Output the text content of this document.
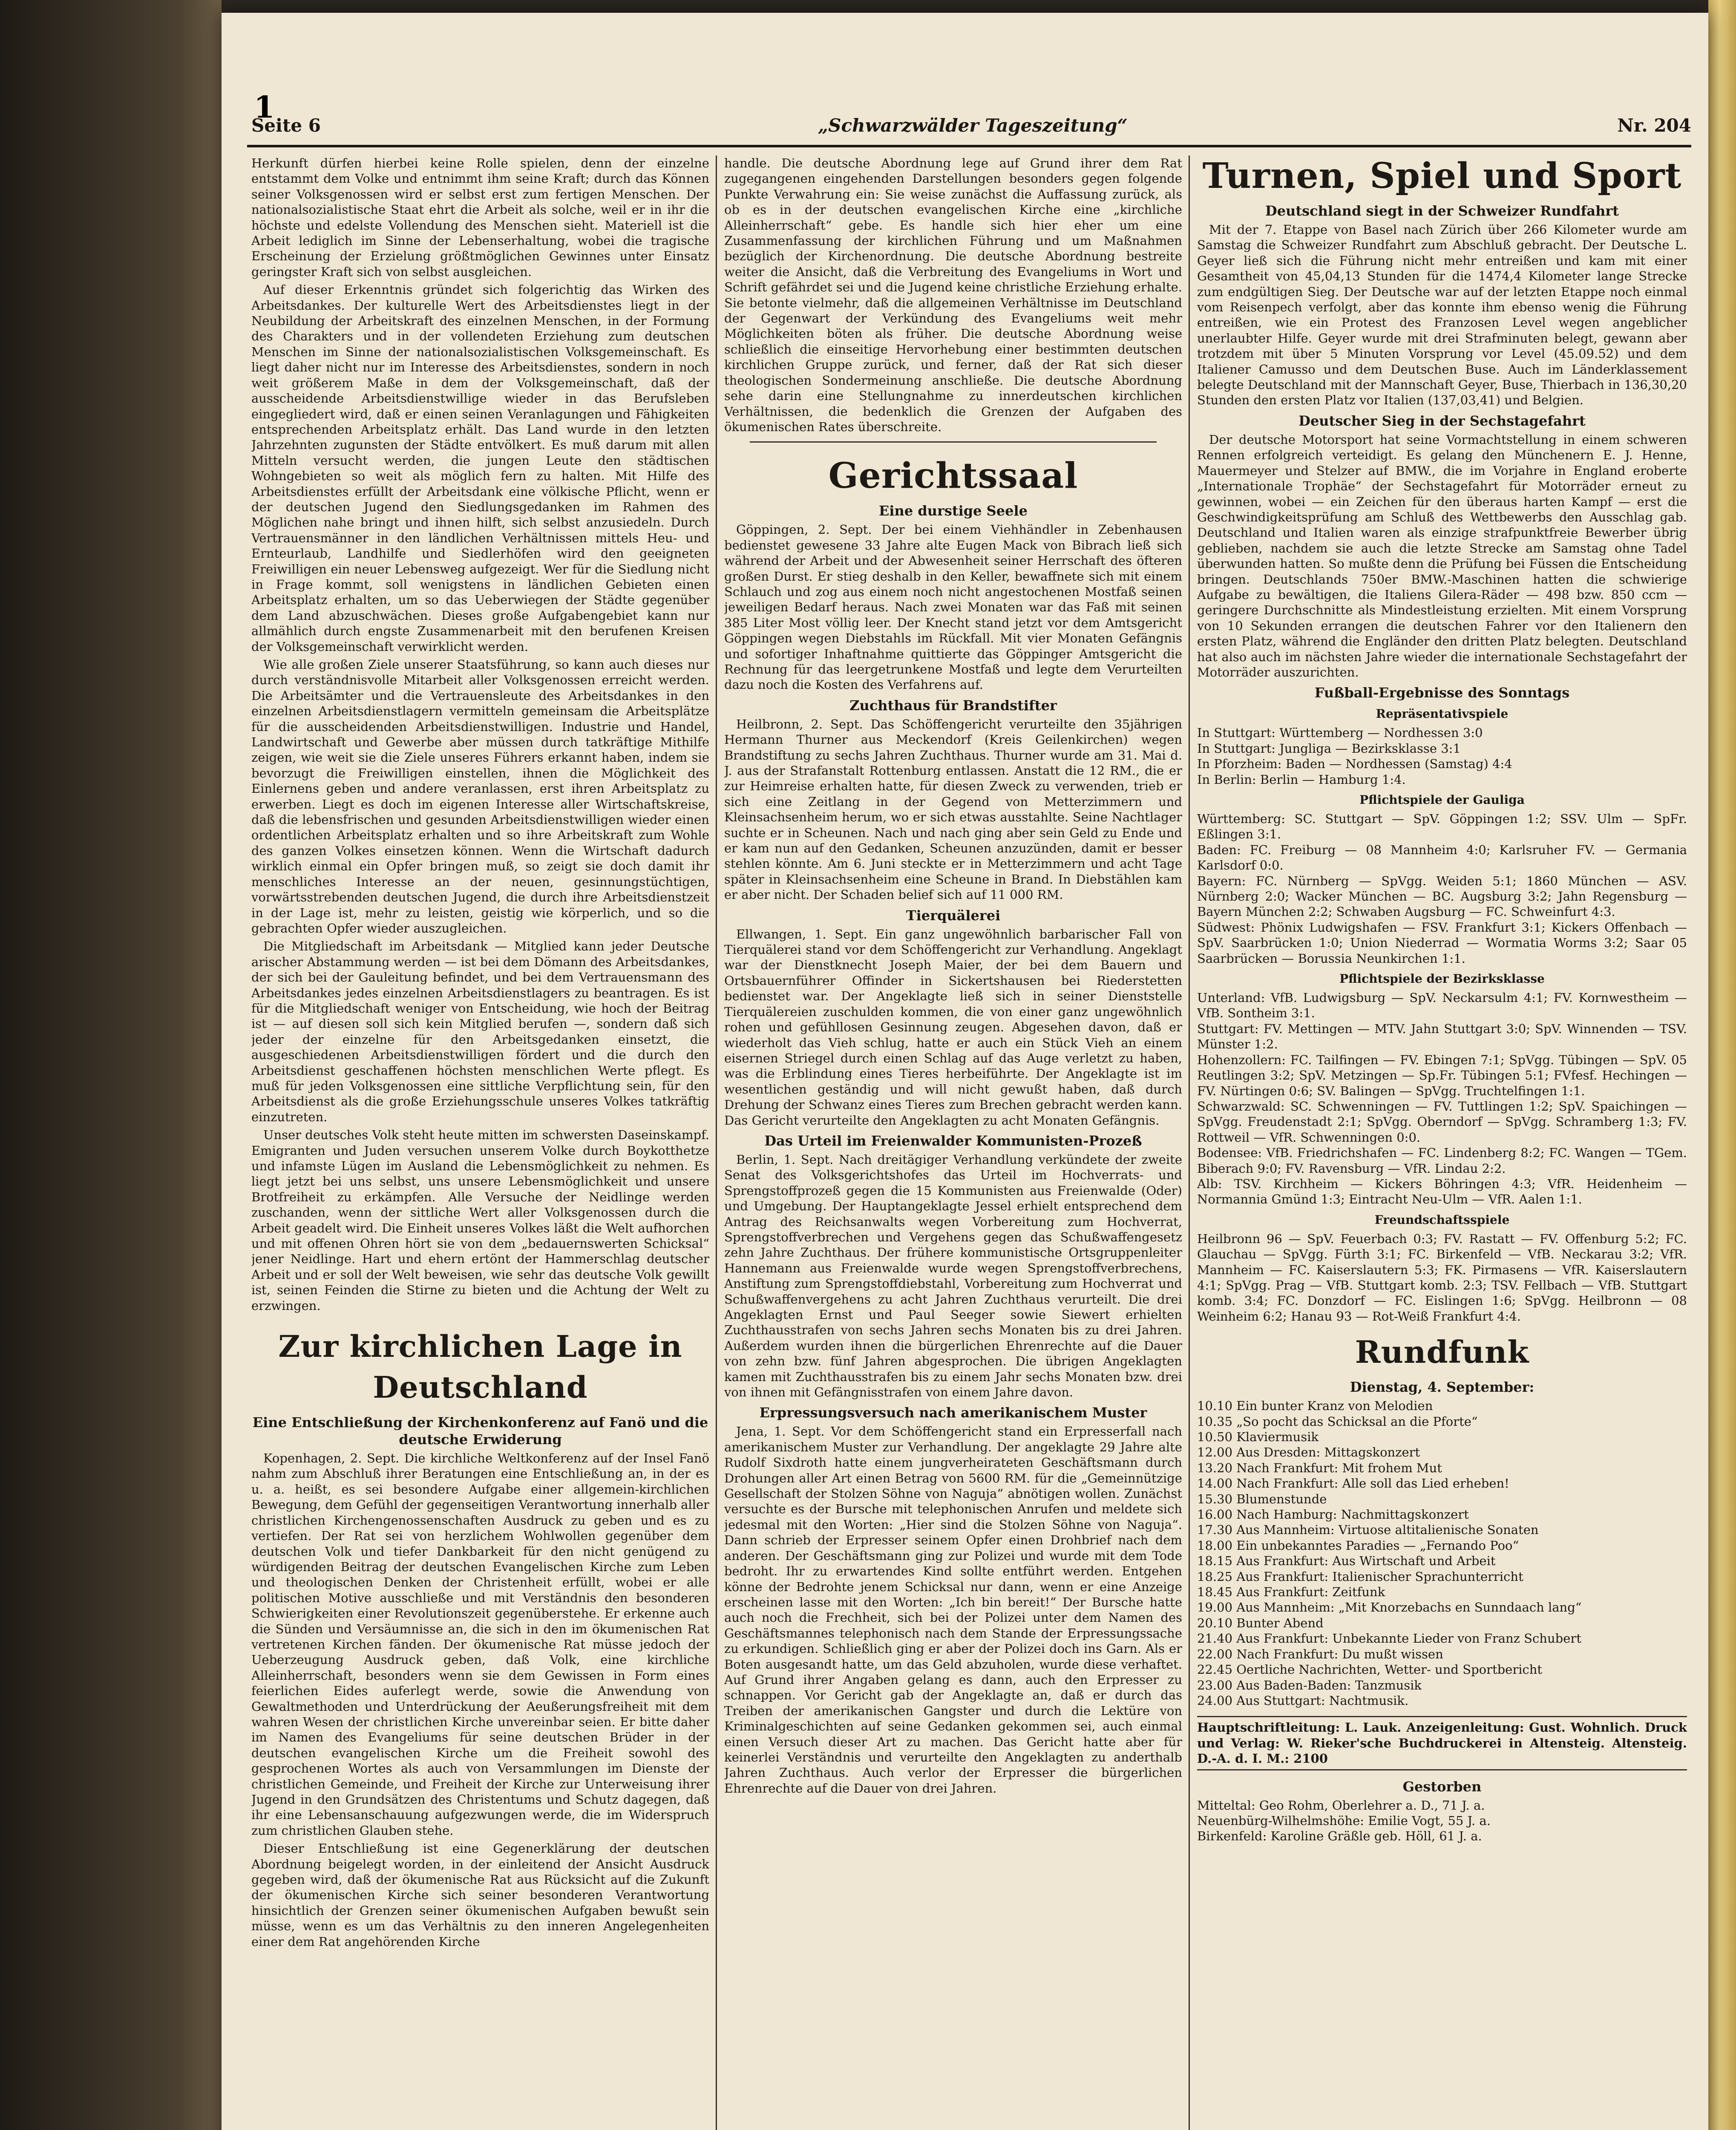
1
Seite 6	„Schwarzwälder Tageszeitung“	Nr. 204

Herkunft dürfen hierbei keine Rolle spielen, denn der einzelne entstammt dem Volke und entnimmt ihm seine Kraft; durch das Können seiner Volksgenossen wird er selbst erst zum fertigen Menschen. Der nationalsozialistische Staat ehrt die Arbeit als solche, weil er in ihr die höchste und edelste Vollendung des Menschen sieht. Materiell ist die Arbeit lediglich im Sinne der Lebenserhaltung, wobei die tragische Erscheinung der Erzielung größtmöglichen Gewinnes unter Einsatz geringster Kraft sich von selbst ausgleichen.

Auf dieser Erkenntnis gründet sich folgerichtig das Wirken des Arbeitsdankes. Der kulturelle Wert des Arbeitsdienstes liegt in der Neubildung der Arbeitskraft des einzelnen Menschen, in der Formung des Charakters und in der vollendeten Erziehung zum deutschen Menschen im Sinne der nationalsozialistischen Volksgemeinschaft. Es liegt daher nicht nur im Interesse des Arbeitsdienstes, sondern in noch weit größerem Maße in dem der Volksgemeinschaft, daß der ausscheidende Arbeitsdienstwillige wieder in das Berufsleben eingegliedert wird, daß er einen seinen Veranlagungen und Fähigkeiten entsprechenden Arbeitsplatz erhält. Das Land wurde in den letzten Jahrzehnten zugunsten der Städte entvölkert. Es muß darum mit allen Mitteln versucht werden, die jungen Leute den städtischen Wohngebieten so weit als möglich fern zu halten. Mit Hilfe des Arbeitsdienstes erfüllt der Arbeitsdank eine völkische Pflicht, wenn er der deutschen Jugend den Siedlungsgedanken im Rahmen des Möglichen nahe bringt und ihnen hilft, sich selbst anzusiedeln. Durch Vertrauensmänner in den ländlichen Verhältnissen mittels Heu- und Ernteurlaub, Landhilfe und Siedlerhöfen wird den geeigneten Freiwilligen ein neuer Lebensweg aufgezeigt. Wer für die Siedlung nicht in Frage kommt, soll wenigstens in ländlichen Gebieten einen Arbeitsplatz erhalten, um so das Ueberwiegen der Städte gegenüber dem Land abzuschwächen. Dieses große Aufgabengebiet kann nur allmählich durch engste Zusammenarbeit mit den berufenen Kreisen der Volksgemeinschaft verwirklicht werden.

Wie alle großen Ziele unserer Staatsführung, so kann auch dieses nur durch verständnisvolle Mitarbeit aller Volksgenossen erreicht werden. Die Arbeitsämter und die Vertrauensleute des Arbeitsdankes in den einzelnen Arbeitsdienstlagern vermitteln gemeinsam die Arbeitsplätze für die ausscheidenden Arbeitsdienstwilligen. Industrie und Handel, Landwirtschaft und Gewerbe aber müssen durch tatkräftige Mithilfe zeigen, wie weit sie die Ziele unseres Führers erkannt haben, indem sie bevorzugt die Freiwilligen einstellen, ihnen die Möglichkeit des Einlernens geben und andere veranlassen, erst ihren Arbeitsplatz zu erwerben. Liegt es doch im eigenen Interesse aller Wirtschaftskreise, daß die lebensfrischen und gesunden Arbeitsdienstwilligen wieder einen ordentlichen Arbeitsplatz erhalten und so ihre Arbeitskraft zum Wohle des ganzen Volkes einsetzen können. Wenn die Wirtschaft dadurch wirklich einmal ein Opfer bringen muß, so zeigt sie doch damit ihr menschliches Interesse an der neuen, gesinnungstüchtigen, vorwärtsstrebenden deutschen Jugend, die durch ihre Arbeitsdienstzeit in der Lage ist, mehr zu leisten, geistig wie körperlich, und so die gebrachten Opfer wieder auszugleichen.

Die Mitgliedschaft im Arbeitsdank — Mitglied kann jeder Deutsche arischer Abstammung werden — ist bei dem Dömann des Arbeitsdankes, der sich bei der Gauleitung befindet, und bei dem Vertrauensmann des Arbeitsdankes jedes einzelnen Arbeitsdienstlagers zu beantragen. Es ist für die Mitgliedschaft weniger von Entscheidung, wie hoch der Beitrag ist — auf diesen soll sich kein Mitglied berufen —, sondern daß sich jeder der einzelne für den Arbeitsgedanken einsetzt, die ausgeschiedenen Arbeitsdienstwilligen fördert und die durch den Arbeitsdienst geschaffenen höchsten menschlichen Werte pflegt. Es muß für jeden Volksgenossen eine sittliche Verpflichtung sein, für den Arbeitsdienst als die große Erziehungsschule unseres Volkes tatkräftig einzutreten.

Unser deutsches Volk steht heute mitten im schwersten Daseinskampf. Emigranten und Juden versuchen unserem Volke durch Boykotthetze und infamste Lügen im Ausland die Lebensmöglichkeit zu nehmen. Es liegt jetzt bei uns selbst, uns unsere Lebensmöglichkeit und unsere Brotfreiheit zu erkämpfen. Alle Versuche der Neidlinge werden zuschanden, wenn der sittliche Wert aller Volksgenossen durch die Arbeit geadelt wird. Die Einheit unseres Volkes läßt die Welt aufhorchen und mit offenen Ohren hört sie von dem „bedauernswerten Schicksal“ jener Neidlinge. Hart und ehern ertönt der Hammerschlag deutscher Arbeit und er soll der Welt beweisen, wie sehr das deutsche Volk gewillt ist, seinen Feinden die Stirne zu bieten und die Achtung der Welt zu erzwingen.

Zur kirchlichen Lage in Deutschland
Eine Entschließung der Kirchenkonferenz auf Fanö und die deutsche Erwiderung

Kopenhagen, 2. Sept. Die kirchliche Weltkonferenz auf der Insel Fanö nahm zum Abschluß ihrer Beratungen eine Entschließung an, in der es u. a. heißt, es sei besondere Aufgabe einer allgemein-kirchlichen Bewegung, dem Gefühl der gegenseitigen Verantwortung innerhalb aller christlichen Kirchengenossenschaften Ausdruck zu geben und es zu vertiefen. Der Rat sei von herzlichem Wohlwollen gegenüber dem deutschen Volk und tiefer Dankbarkeit für den nicht genügend zu würdigenden Beitrag der deutschen Evangelischen Kirche zum Leben und theologischen Denken der Christenheit erfüllt, wobei er alle politischen Motive ausschließe und mit Verständnis den besonderen Schwierigkeiten einer Revolutionszeit gegenüberstehe. Er erkenne auch die Sünden und Versäumnisse an, die sich in den im ökumenischen Rat vertretenen Kirchen fänden. Der ökumenische Rat müsse jedoch der Ueberzeugung Ausdruck geben, daß Volk, eine kirchliche Alleinherrschaft, besonders wenn sie dem Gewissen in Form eines feierlichen Eides auferlegt werde, sowie die Anwendung von Gewaltmethoden und Unterdrückung der Aeußerungsfreiheit mit dem wahren Wesen der christlichen Kirche unvereinbar seien. Er bitte daher im Namen des Evangeliums für seine deutschen Brüder in der deutschen evangelischen Kirche um die Freiheit sowohl des gesprochenen Wortes als auch von Versammlungen im Dienste der christlichen Gemeinde, und Freiheit der Kirche zur Unterweisung ihrer Jugend in den Grundsätzen des Christentums und Schutz dagegen, daß ihr eine Lebensanschauung aufgezwungen werde, die im Widerspruch zum christlichen Glauben stehe.

Dieser Entschließung ist eine Gegenerklärung der deutschen Abordnung beigelegt worden, in der einleitend der Ansicht Ausdruck gegeben wird, daß der ökumenische Rat aus Rücksicht auf die Zukunft der ökumenischen Kirche sich seiner besonderen Verantwortung hinsichtlich der Grenzen seiner ökumenischen Aufgaben bewußt sein müsse, wenn es um das Verhältnis zu den inneren Angelegenheiten einer dem Rat angehörenden Kirche

handle. Die deutsche Abordnung lege auf Grund ihrer dem Rat zugegangenen eingehenden Darstellungen besonders gegen folgende Punkte Verwahrung ein: Sie weise zunächst die Auffassung zurück, als ob es in der deutschen evangelischen Kirche eine „kirchliche Alleinherrschaft“ gebe. Es handle sich hier eher um eine Zusammenfassung der kirchlichen Führung und um Maßnahmen bezüglich der Kirchenordnung. Die deutsche Abordnung bestreite weiter die Ansicht, daß die Verbreitung des Evangeliums in Wort und Schrift gefährdet sei und die Jugend keine christliche Erziehung erhalte. Sie betonte vielmehr, daß die allgemeinen Verhältnisse im Deutschland der Gegenwart der Verkündung des Evangeliums weit mehr Möglichkeiten böten als früher. Die deutsche Abordnung weise schließlich die einseitige Hervorhebung einer bestimmten deutschen kirchlichen Gruppe zurück, und ferner, daß der Rat sich dieser theologischen Sondermeinung anschließe. Die deutsche Abordnung sehe darin eine Stellungnahme zu innerdeutschen kirchlichen Verhältnissen, die bedenklich die Grenzen der Aufgaben des ökumenischen Rates überschreite.

Gerichtssaal
Eine durstige Seele

Göppingen, 2. Sept. Der bei einem Viehhändler in Zebenhausen bedienstet gewesene 33 Jahre alte Eugen Mack von Bibrach ließ sich während der Arbeit und der Abwesenheit seiner Herrschaft des öfteren großen Durst. Er stieg deshalb in den Keller, bewaffnete sich mit einem Schlauch und zog aus einem noch nicht angestochenen Mostfaß seinen jeweiligen Bedarf heraus. Nach zwei Monaten war das Faß mit seinen 385 Liter Most völlig leer. Der Knecht stand jetzt vor dem Amtsgericht Göppingen wegen Diebstahls im Rückfall. Mit vier Monaten Gefängnis und sofortiger Inhaftnahme quittierte das Göppinger Amtsgericht die Rechnung für das leergetrunkene Mostfaß und legte dem Verurteilten dazu noch die Kosten des Verfahrens auf.

Zuchthaus für Brandstifter

Heilbronn, 2. Sept. Das Schöffengericht verurteilte den 35jährigen Hermann Thurner aus Meckendorf (Kreis Geilenkirchen) wegen Brandstiftung zu sechs Jahren Zuchthaus. Thurner wurde am 31. Mai d. J. aus der Strafanstalt Rottenburg entlassen. Anstatt die 12 RM., die er zur Heimreise erhalten hatte, für diesen Zweck zu verwenden, trieb er sich eine Zeitlang in der Gegend von Metterzimmern und Kleinsachsenheim herum, wo er sich etwas ausstahlte. Seine Nachtlager suchte er in Scheunen. Nach und nach ging aber sein Geld zu Ende und er kam nun auf den Gedanken, Scheunen anzuzünden, damit er besser stehlen könnte. Am 6. Juni steckte er in Metterzimmern und acht Tage später in Kleinsachsenheim eine Scheune in Brand. In Diebstählen kam er aber nicht. Der Schaden belief sich auf 11 000 RM.

Tierquälerei

Ellwangen, 1. Sept. Ein ganz ungewöhnlich barbarischer Fall von Tierquälerei stand vor dem Schöffengericht zur Verhandlung. Angeklagt war der Dienstknecht Joseph Maier, der bei dem Bauern und Ortsbauernführer Offinder in Sickertshausen bei Riederstetten bedienstet war. Der Angeklagte ließ sich in seiner Dienststelle Tierquälereien zuschulden kommen, die von einer ganz ungewöhnlich rohen und gefühllosen Gesinnung zeugen. Abgesehen davon, daß er wiederholt das Vieh schlug, hatte er auch ein Stück Vieh an einem eisernen Striegel durch einen Schlag auf das Auge verletzt zu haben, was die Erblindung eines Tieres herbeiführte. Der Angeklagte ist im wesentlichen geständig und will nicht gewußt haben, daß durch Drehung der Schwanz eines Tieres zum Brechen gebracht werden kann. Das Gericht verurteilte den Angeklagten zu acht Monaten Gefängnis.

Das Urteil im Freienwalder Kommunisten-Prozeß

Berlin, 1. Sept. Nach dreitägiger Verhandlung verkündete der zweite Senat des Volksgerichtshofes das Urteil im Hochverrats- und Sprengstoffprozeß gegen die 15 Kommunisten aus Freienwalde (Oder) und Umgebung. Der Hauptangeklagte Jessel erhielt entsprechend dem Antrag des Reichsanwalts wegen Vorbereitung zum Hochverrat, Sprengstoffverbrechen und Vergehens gegen das Schußwaffengesetz zehn Jahre Zuchthaus. Der frühere kommunistische Ortsgruppenleiter Hannemann aus Freienwalde wurde wegen Sprengstoffverbrechens, Anstiftung zum Sprengstoffdiebstahl, Vorbereitung zum Hochverrat und Schußwaffenvergehens zu acht Jahren Zuchthaus verurteilt. Die drei Angeklagten Ernst und Paul Seeger sowie Siewert erhielten Zuchthausstrafen von sechs Jahren sechs Monaten bis zu drei Jahren. Außerdem wurden ihnen die bürgerlichen Ehrenrechte auf die Dauer von zehn bzw. fünf Jahren abgesprochen. Die übrigen Angeklagten kamen mit Zuchthausstrafen bis zu einem Jahr sechs Monaten bzw. drei von ihnen mit Gefängnisstrafen von einem Jahre davon.

Erpressungsversuch nach amerikanischem Muster

Jena, 1. Sept. Vor dem Schöffengericht stand ein Erpresserfall nach amerikanischem Muster zur Verhandlung. Der angeklagte 29 Jahre alte Rudolf Sixdroth hatte einem jungverheirateten Geschäftsmann durch Drohungen aller Art einen Betrag von 5600 RM. für die „Gemeinnützige Gesellschaft der Stolzen Söhne von Naguja“ abnötigen wollen. Zunächst versuchte es der Bursche mit telephonischen Anrufen und meldete sich jedesmal mit den Worten: „Hier sind die Stolzen Söhne von Naguja“. Dann schrieb der Erpresser seinem Opfer einen Drohbrief nach dem anderen. Der Geschäftsmann ging zur Polizei und wurde mit dem Tode bedroht. Ihr zu erwartendes Kind sollte entführt werden. Entgehen könne der Bedrohte jenem Schicksal nur dann, wenn er eine Anzeige erscheinen lasse mit den Worten: „Ich bin bereit!“ Der Bursche hatte auch noch die Frechheit, sich bei der Polizei unter dem Namen des Geschäftsmannes telephonisch nach dem Stande der Erpressungssache zu erkundigen. Schließlich ging er aber der Polizei doch ins Garn. Als er Boten ausgesandt hatte, um das Geld abzuholen, wurde diese verhaftet. Auf Grund ihrer Angaben gelang es dann, auch den Erpresser zu schnappen. Vor Gericht gab der Angeklagte an, daß er durch das Treiben der amerikanischen Gangster und durch die Lektüre von Kriminalgeschichten auf seine Gedanken gekommen sei, auch einmal einen Versuch dieser Art zu machen. Das Gericht hatte aber für keinerlei Verständnis und verurteilte den Angeklagten zu anderthalb Jahren Zuchthaus. Auch verlor der Erpresser die bürgerlichen Ehrenrechte auf die Dauer von drei Jahren.

Turnen, Spiel und Sport
Deutschland siegt in der Schweizer Rundfahrt

Mit der 7. Etappe von Basel nach Zürich über 266 Kilometer wurde am Samstag die Schweizer Rundfahrt zum Abschluß gebracht. Der Deutsche L. Geyer ließ sich die Führung nicht mehr entreißen und kam mit einer Gesamtheit von 45,04,13 Stunden für die 1474,4 Kilometer lange Strecke zum endgültigen Sieg. Der Deutsche war auf der letzten Etappe noch einmal vom Reisenpech verfolgt, aber das konnte ihm ebenso wenig die Führung entreißen, wie ein Protest des Franzosen Level wegen angeblicher unerlaubter Hilfe. Geyer wurde mit drei Strafminuten belegt, gewann aber trotzdem mit über 5 Minuten Vorsprung vor Level (45.09.52) und dem Italiener Camusso und dem Deutschen Buse. Auch im Länderklassement belegte Deutschland mit der Mannschaft Geyer, Buse, Thierbach in 136,30,20 Stunden den ersten Platz vor Italien (137,03,41) und Belgien.

Deutscher Sieg in der Sechstagefahrt

Der deutsche Motorsport hat seine Vormachtstellung in einem schweren Rennen erfolgreich verteidigt. Es gelang den Münchenern E. J. Henne, Mauermeyer und Stelzer auf BMW., die im Vorjahre in England eroberte „Internationale Trophäe“ der Sechstagefahrt für Motorräder erneut zu gewinnen, wobei — ein Zeichen für den überaus harten Kampf — erst die Geschwindigkeitsprüfung am Schluß des Wettbewerbs den Ausschlag gab. Deutschland und Italien waren als einzige strafpunktfreie Bewerber übrig geblieben, nachdem sie auch die letzte Strecke am Samstag ohne Tadel überwunden hatten. So mußte denn die Prüfung bei Füssen die Entscheidung bringen. Deutschlands 750er BMW.-Maschinen hatten die schwierige Aufgabe zu bewältigen, die Italiens Gilera-Räder — 498 bzw. 850 ccm — geringere Durchschnitte als Mindestleistung erzielten. Mit einem Vorsprung von 10 Sekunden errangen die deutschen Fahrer vor den Italienern den ersten Platz, während die Engländer den dritten Platz belegten. Deutschland hat also auch im nächsten Jahre wieder die internationale Sechstagefahrt der Motorräder auszurichten.

Fußball-Ergebnisse des Sonntags
Repräsentativspiele

In Stuttgart: Württemberg — Nordhessen 3:0

In Stuttgart: Jungliga — Bezirksklasse 3:1

In Pforzheim: Baden — Nordhessen (Samstag) 4:4

In Berlin: Berlin — Hamburg 1:4.

Pflichtspiele der Gauliga

Württemberg: SC. Stuttgart — SpV. Göppingen 1:2; SSV. Ulm — SpFr. Eßlingen 3:1.

Baden: FC. Freiburg — 08 Mannheim 4:0; Karlsruher FV. — Germania Karlsdorf 0:0.

Bayern: FC. Nürnberg — SpVgg. Weiden 5:1; 1860 München — ASV. Nürnberg 2:0; Wacker München — BC. Augsburg 3:2; Jahn Regensburg — Bayern München 2:2; Schwaben Augsburg — FC. Schweinfurt 4:3.

Südwest: Phönix Ludwigshafen — FSV. Frankfurt 3:1; Kickers Offenbach — SpV. Saarbrücken 1:0; Union Niederrad — Wormatia Worms 3:2; Saar 05 Saarbrücken — Borussia Neunkirchen 1:1.

Pflichtspiele der Bezirksklasse

Unterland: VfB. Ludwigsburg — SpV. Neckarsulm 4:1; FV. Kornwestheim — VfB. Sontheim 3:1.

Stuttgart: FV. Mettingen — MTV. Jahn Stuttgart 3:0; SpV. Winnenden — TSV. Münster 1:2.

Hohenzollern: FC. Tailfingen — FV. Ebingen 7:1; SpVgg. Tübingen — SpV. 05 Reutlingen 3:2; SpV. Metzingen — Sp.Fr. Tübingen 5:1; FVfesf. Hechingen — FV. Nürtingen 0:6; SV. Balingen — SpVgg. Truchtelfingen 1:1.

Schwarzwald: SC. Schwenningen — FV. Tuttlingen 1:2; SpV. Spaichingen — SpVgg. Freudenstadt 2:1; SpVgg. Oberndorf — SpVgg. Schramberg 1:3; FV. Rottweil — VfR. Schwenningen 0:0.

Bodensee: VfB. Friedrichshafen — FC. Lindenberg 8:2; FC. Wangen — TGem. Biberach 9:0; FV. Ravensburg — VfR. Lindau 2:2.

Alb: TSV. Kirchheim — Kickers Böhringen 4:3; VfR. Heidenheim — Normannia Gmünd 1:3; Eintracht Neu-Ulm — VfR. Aalen 1:1.

Freundschaftsspiele

Heilbronn 96 — SpV. Feuerbach 0:3; FV. Rastatt — FV. Offenburg 5:2; FC. Glauchau — SpVgg. Fürth 3:1; FC. Birkenfeld — VfB. Neckarau 3:2; VfR. Mannheim — FC. Kaiserslautern 5:3; FK. Pirmasens — VfR. Kaiserslautern 4:1; SpVgg. Prag — VfB. Stuttgart komb. 2:3; TSV. Fellbach — VfB. Stuttgart komb. 3:4; FC. Donzdorf — FC. Eislingen 1:6; SpVgg. Heilbronn — 08 Weinheim 6:2; Hanau 93 — Rot-Weiß Frankfurt 4:4.

Rundfunk
Dienstag, 4. September:

10.10 Ein bunter Kranz von Melodien

10.35 „So pocht das Schicksal an die Pforte“

10.50 Klaviermusik

12.00 Aus Dresden: Mittagskonzert

13.20 Nach Frankfurt: Mit frohem Mut

14.00 Nach Frankfurt: Alle soll das Lied erheben!

15.30 Blumenstunde

16.00 Nach Hamburg: Nachmittagskonzert

17.30 Aus Mannheim: Virtuose altitalienische Sonaten

18.00 Ein unbekanntes Paradies — „Fernando Poo“

18.15 Aus Frankfurt: Aus Wirtschaft und Arbeit

18.25 Aus Frankfurt: Italienischer Sprachunterricht

18.45 Aus Frankfurt: Zeitfunk

19.00 Aus Mannheim: „Mit Knorzebachs en Sunndaach lang“

20.10 Bunter Abend

21.40 Aus Frankfurt: Unbekannte Lieder von Franz Schubert

22.00 Nach Frankfurt: Du mußt wissen

22.45 Oertliche Nachrichten, Wetter- und Sportbericht

23.00 Aus Baden-Baden: Tanzmusik

24.00 Aus Stuttgart: Nachtmusik.

Hauptschriftleitung: L. Lauk. Anzeigenleitung: Gust. Wohnlich. Druck und Verlag: W. Rieker'sche Buchdruckerei in Altensteig. Altensteig. D.-A. d. I. M.: 2100
Gestorben

Mitteltal: Geo Rohm, Oberlehrer a. D., 71 J. a.

Neuenbürg-Wilhelmshöhe: Emilie Vogt, 55 J. a.

Birkenfeld: Karoline Gräßle geb. Höll, 61 J. a.
